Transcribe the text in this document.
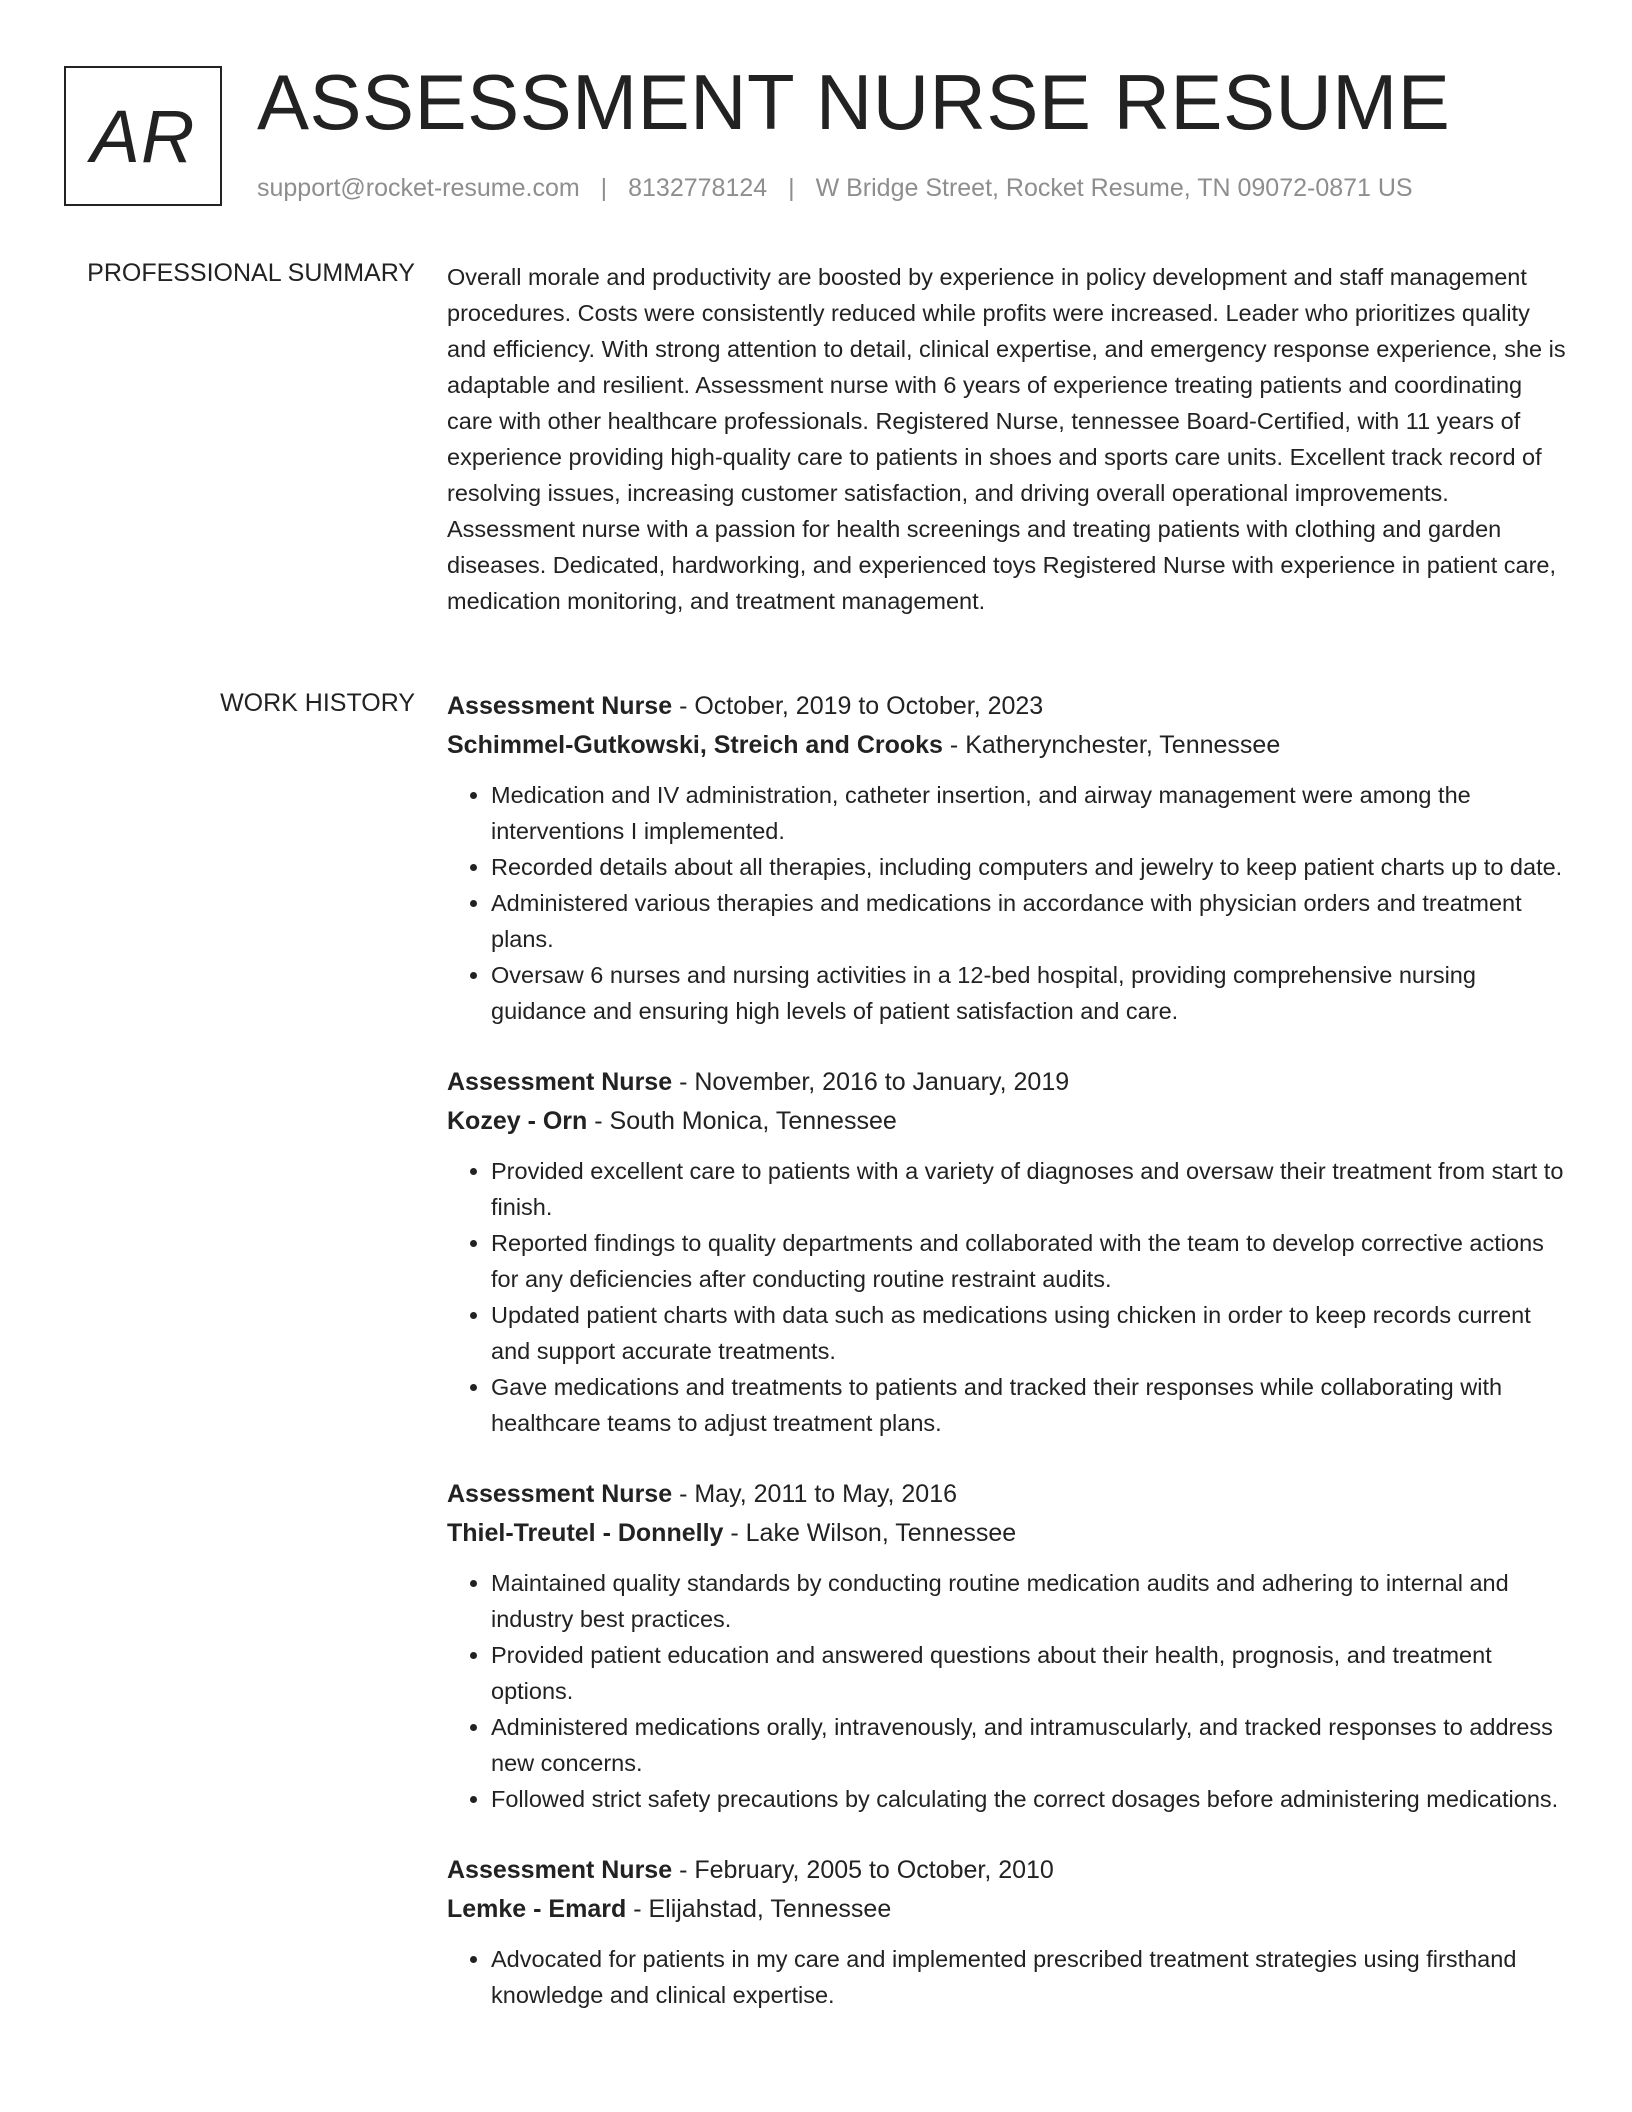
AR ASSESSMENT NURSE RESUME
support@rocket-resume.com | 8132778124 | W Bridge Street, Rocket Resume, TN 09072-0871 US
PROFESSIONAL SUMMARY Overall morale and productivity are boosted by experience in policy development and staff management procedures. Costs were consistently reduced while profits were increased. Leader who prioritizes quality and efficiency. With strong attention to detail, clinical expertise, and emergency response experience, she is adaptable and resilient. Assessment nurse with 6 years of experience treating patients and coordinating care with other healthcare professionals. Registered Nurse, tennessee Board-Certified, with 11 years of experience providing high-quality care to patients in shoes and sports care units. Excellent track record of resolving issues, increasing customer satisfaction, and driving overall operational improvements. Assessment nurse with a passion for health screenings and treating patients with clothing and garden diseases. Dedicated, hardworking, and experienced toys Registered Nurse with experience in patient care, medication monitoring, and treatment management.
WORK HISTORY Assessment Nurse - October, 2019 to October, 2023
Schimmel-Gutkowski, Streich and Crooks - Katherynchester, Tennessee
• Medication and IV administration, catheter insertion, and airway management were among the interventions I implemented.
• Recorded details about all therapies, including computers and jewelry to keep patient charts up to date.
• Administered various therapies and medications in accordance with physician orders and treatment plans.
• Oversaw 6 nurses and nursing activities in a 12-bed hospital, providing comprehensive nursing guidance and ensuring high levels of patient satisfaction and care.
Assessment Nurse - November, 2016 to January, 2019
Kozey - Orn - South Monica, Tennessee
• Provided excellent care to patients with a variety of diagnoses and oversaw their treatment from start to finish.
• Reported findings to quality departments and collaborated with the team to develop corrective actions for any deficiencies after conducting routine restraint audits.
• Updated patient charts with data such as medications using chicken in order to keep records current and support accurate treatments.
• Gave medications and treatments to patients and tracked their responses while collaborating with healthcare teams to adjust treatment plans.
Assessment Nurse - May, 2011 to May, 2016
Thiel-Treutel - Donnelly - Lake Wilson, Tennessee
• Maintained quality standards by conducting routine medication audits and adhering to internal and industry best practices.
• Provided patient education and answered questions about their health, prognosis, and treatment options.
• Administered medications orally, intravenously, and intramuscularly, and tracked responses to address new concerns.
• Followed strict safety precautions by calculating the correct dosages before administering medications.
Assessment Nurse - February, 2005 to October, 2010
Lemke - Emard - Elijahstad, Tennessee
• Advocated for patients in my care and implemented prescribed treatment strategies using firsthand knowledge and clinical expertise.
